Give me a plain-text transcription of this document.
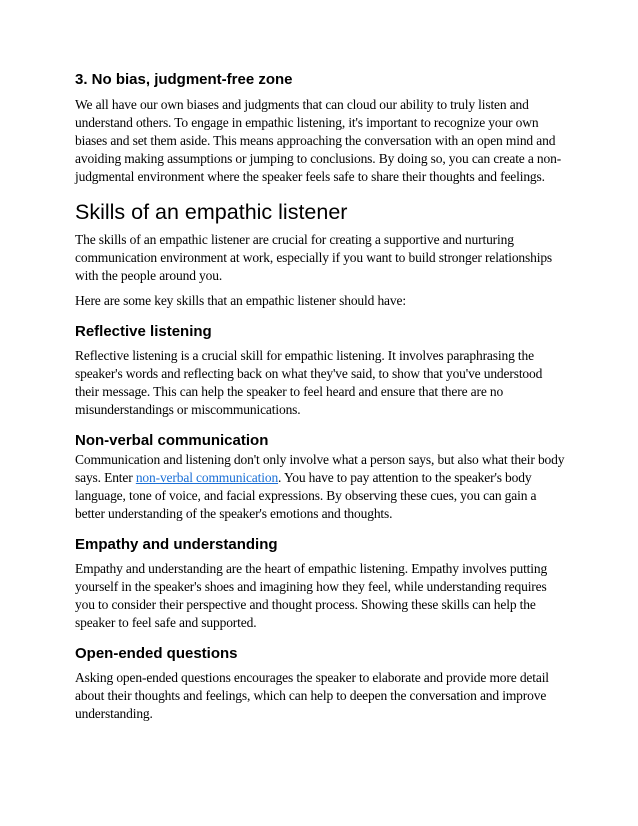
3. No bias, judgment-free zone

We all have our own biases and judgments that can cloud our ability to truly listen and understand others. To engage in empathic listening, it's important to recognize your own biases and set them aside. This means approaching the conversation with an open mind and avoiding making assumptions or jumping to conclusions. By doing so, you can create a non-judgmental environment where the speaker feels safe to share their thoughts and feelings.

Skills of an empathic listener

The skills of an empathic listener are crucial for creating a supportive and nurturing communication environment at work, especially if you want to build stronger relationships with the people around you.

Here are some key skills that an empathic listener should have:

Reflective listening

Reflective listening is a crucial skill for empathic listening. It involves paraphrasing the speaker's words and reflecting back on what they've said, to show that you've understood their message. This can help the speaker to feel heard and ensure that there are no misunderstandings or miscommunications.

Non-verbal communication

Communication and listening don't only involve what a person says, but also what their body says. Enter non-verbal communication. You have to pay attention to the speaker's body language, tone of voice, and facial expressions. By observing these cues, you can gain a better understanding of the speaker's emotions and thoughts.

Empathy and understanding

Empathy and understanding are the heart of empathic listening. Empathy involves putting yourself in the speaker's shoes and imagining how they feel, while understanding requires you to consider their perspective and thought process. Showing these skills can help the speaker to feel safe and supported.

Open-ended questions

Asking open-ended questions encourages the speaker to elaborate and provide more detail about their thoughts and feelings, which can help to deepen the conversation and improve understanding.
